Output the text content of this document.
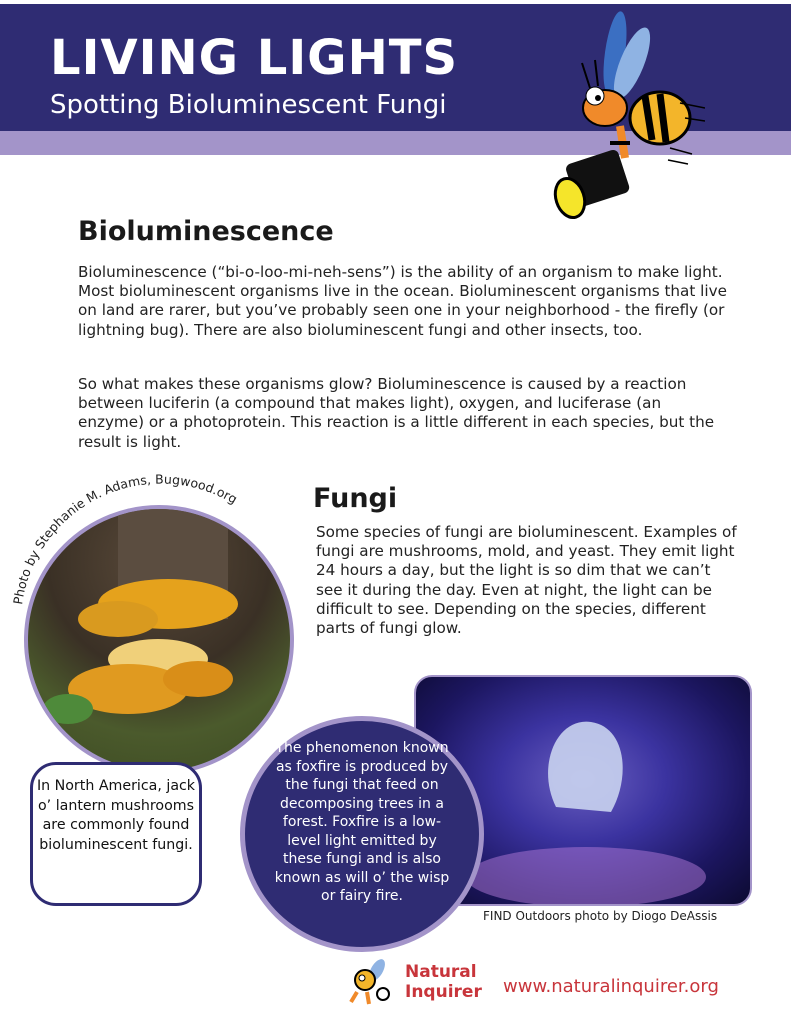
LIVING LIGHTS
Spotting Bioluminescent Fungi
Bioluminescence

Bioluminescence (“bi-o-loo-mi-neh-sens”) is the ability of an organism to make light. Most bioluminescent organisms live in the ocean. Bioluminescent organisms that live on land are rarer, but you’ve probably seen one in your neighborhood - the firefly (or lightning bug). There are also bioluminescent fungi and other insects, too.

So what makes these organisms glow? Bioluminescence is caused by a reaction between luciferin (a compound that makes light), oxygen, and luciferase (an enzyme) or a photoprotein. This reaction is a little different in each species, but the result is light.

Photo by Stephanie M. Adams, Bugwood.org	Fungi

Some species of fungi are bioluminescent. Examples of fungi are mushrooms, mold, and yeast. They emit light 24 hours a day, but the light is so dim that we can’t see it during the day. Even at night, the light can be difficult to see. Depending on the species, different parts of fungi glow.

In North America, jack o’ lantern mushrooms are commonly found bioluminescent fungi.
The phenomenon known as foxfire is produced by the fungi that feed on decomposing trees in a forest. Foxfire is a low-level light emitted by these fungi and is also known as will o’ the wisp or fairy fire.
FIND Outdoors photo by Diogo DeAssis
Natural
Inquirer www.naturalinquirer.org
